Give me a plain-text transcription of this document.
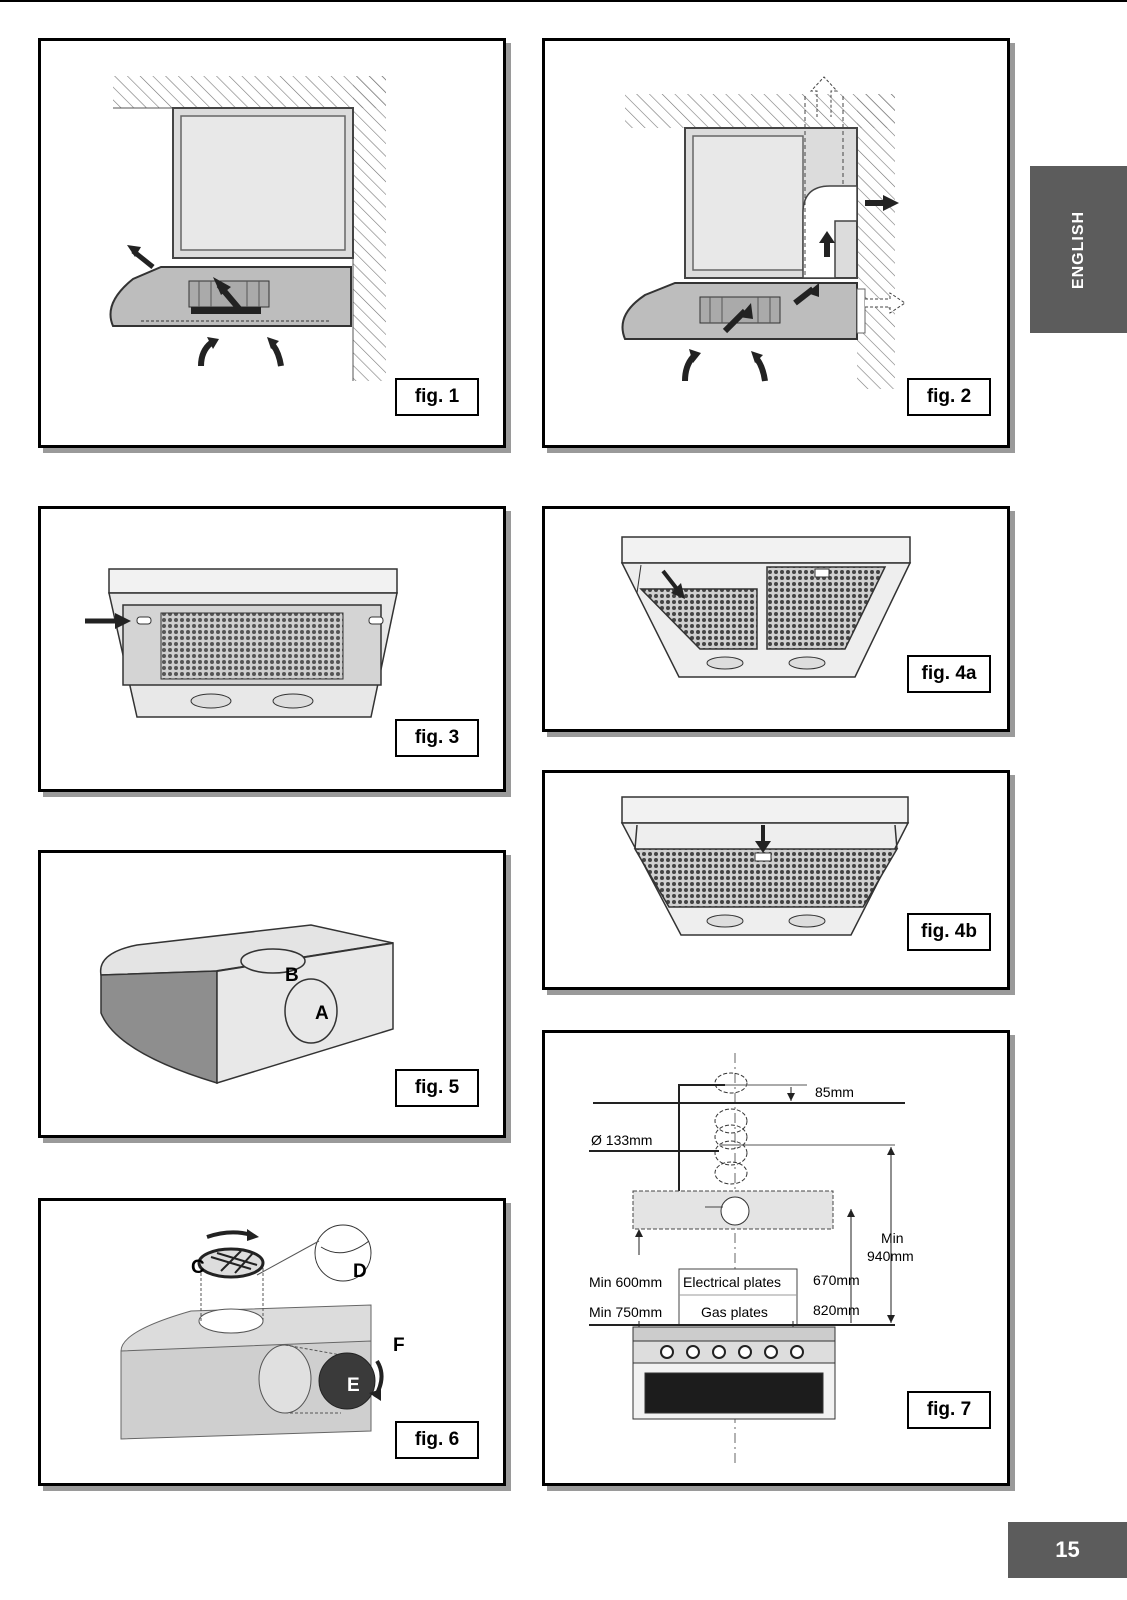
fig. 1	fig. 2
ENGLISH
fig. 3
fig. 4a
fig. 4b
B
A
fig. 5
C	D
E
F
fig. 6
85mm
Ø 133mm
Min
940mm
670mm
820mm
Electrical plates
Gas plates
Min 600mm
Min 750mm
fig. 7
15
